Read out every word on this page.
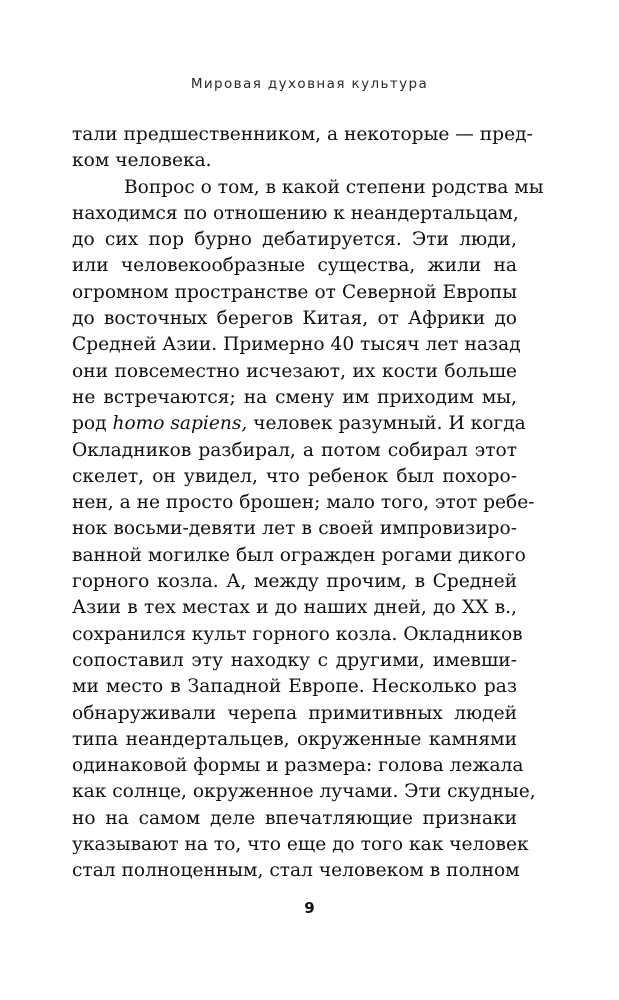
Мировая духовная культура
тали предшественником, а некоторые — пред-
ком человека.
Вопрос о том, в какой степени родства мы
находимся по отношению к неандертальцам,
до сих пор бурно дебатируется. Эти люди,
или человекообразные существа, жили на
огромном пространстве от Северной Европы
до восточных берегов Китая, от Африки до
Средней Азии. Примерно 40 тысяч лет назад
они повсеместно исчезают, их кости больше
не встречаются; на смену им приходим мы,
род homo sapiens, человек разумный. И когда
Окладников разбирал, а потом собирал этот
скелет, он увидел, что ребенок был похоро-
нен, а не просто брошен; мало того, этот ребе-
нок восьми-девяти лет в своей импровизиро-
ванной могилке был огражден рогами дикого
горного козла. А, между прочим, в Средней
Азии в тех местах и до наших дней, до XX в.,
сохранился культ горного козла. Окладников
сопоставил эту находку с другими, имевши-
ми место в Западной Европе. Несколько раз
обнаруживали черепа примитивных людей
типа неандертальцев, окруженные камнями
одинаковой формы и размера: голова лежала
как солнце, окруженное лучами. Эти скудные,
но на самом деле впечатляющие признаки
указывают на то, что еще до того как человек
стал полноценным, стал человеком в полном
9
